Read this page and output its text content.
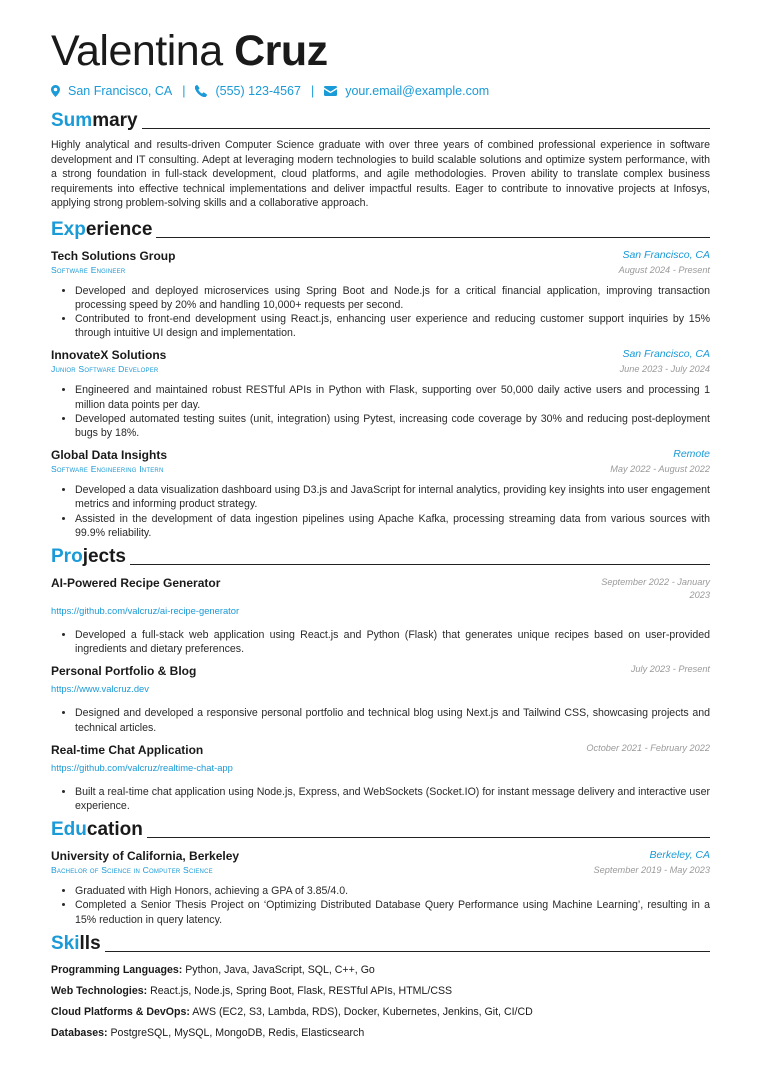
Valentina Cruz
San Francisco, CA | (555) 123-4567 | your.email@example.com
Sum mary
Highly analytical and results-driven Computer Science graduate with over three years of combined professional experience in software development and IT consulting. Adept at leveraging modern technologies to build scalable solutions and optimize system performance, with a strong foundation in full-stack development, cloud platforms, and agile methodologies. Proven ability to translate complex business requirements into effective technical implementations and deliver impactful results. Eager to contribute to innovative projects at Infosys, applying strong problem-solving skills and a collaborative approach.
Exp erience
Tech Solutions Group	San Francisco, CA
Software Engineer	August 2024 - Present
• Developed and deployed microservices using Spring Boot and Node.js for a critical financial application, improving transaction processing speed by 20% and handling 10,000+ requests per second.
• Contributed to front-end development using React.js, enhancing user experience and reducing customer support inquiries by 15% through intuitive UI design and implementation.
InnovateX Solutions	San Francisco, CA
Junior Software Developer	June 2023 - July 2024
• Engineered and maintained robust RESTful APIs in Python with Flask, supporting over 50,000 daily active users and processing 1 million data points per day.
• Developed automated testing suites (unit, integration) using Pytest, increasing code coverage by 30% and reducing post-deployment bugs by 18%.
Global Data Insights	Remote
Software Engineering Intern	May 2022 - August 2022
• Developed a data visualization dashboard using D3.js and JavaScript for internal analytics, providing key insights into user engagement metrics and informing product strategy.
• Assisted in the development of data ingestion pipelines using Apache Kafka, processing streaming data from various sources with 99.9% reliability.
Pro jects
AI-Powered Recipe Generator	September 2022 - January 2023
https://github.com/valcruz/ai-recipe-generator
• Developed a full-stack web application using React.js and Python (Flask) that generates unique recipes based on user-provided ingredients and dietary preferences.
Personal Portfolio & Blog	July 2023 - Present
https://www.valcruz.dev
• Designed and developed a responsive personal portfolio and technical blog using Next.js and Tailwind CSS, showcasing projects and technical articles.
Real-time Chat Application	October 2021 - February 2022
https://github.com/valcruz/realtime-chat-app
• Built a real-time chat application using Node.js, Express, and WebSockets (Socket.IO) for instant message delivery and interactive user experience.
Edu cation
University of California, Berkeley	Berkeley, CA
Bachelor of Science in Computer Science	September 2019 - May 2023
• Graduated with High Honors, achieving a GPA of 3.85/4.0.
• Completed a Senior Thesis Project on ‘Optimizing Distributed Database Query Performance using Machine Learning’, resulting in a 15% reduction in query latency.
Ski lls
Programming Languages: Python, Java, JavaScript, SQL, C++, Go
Web Technologies: React.js, Node.js, Spring Boot, Flask, RESTful APIs, HTML/CSS
Cloud Platforms & DevOps: AWS (EC2, S3, Lambda, RDS), Docker, Kubernetes, Jenkins, Git, CI/CD
Databases: PostgreSQL, MySQL, MongoDB, Redis, Elasticsearch
